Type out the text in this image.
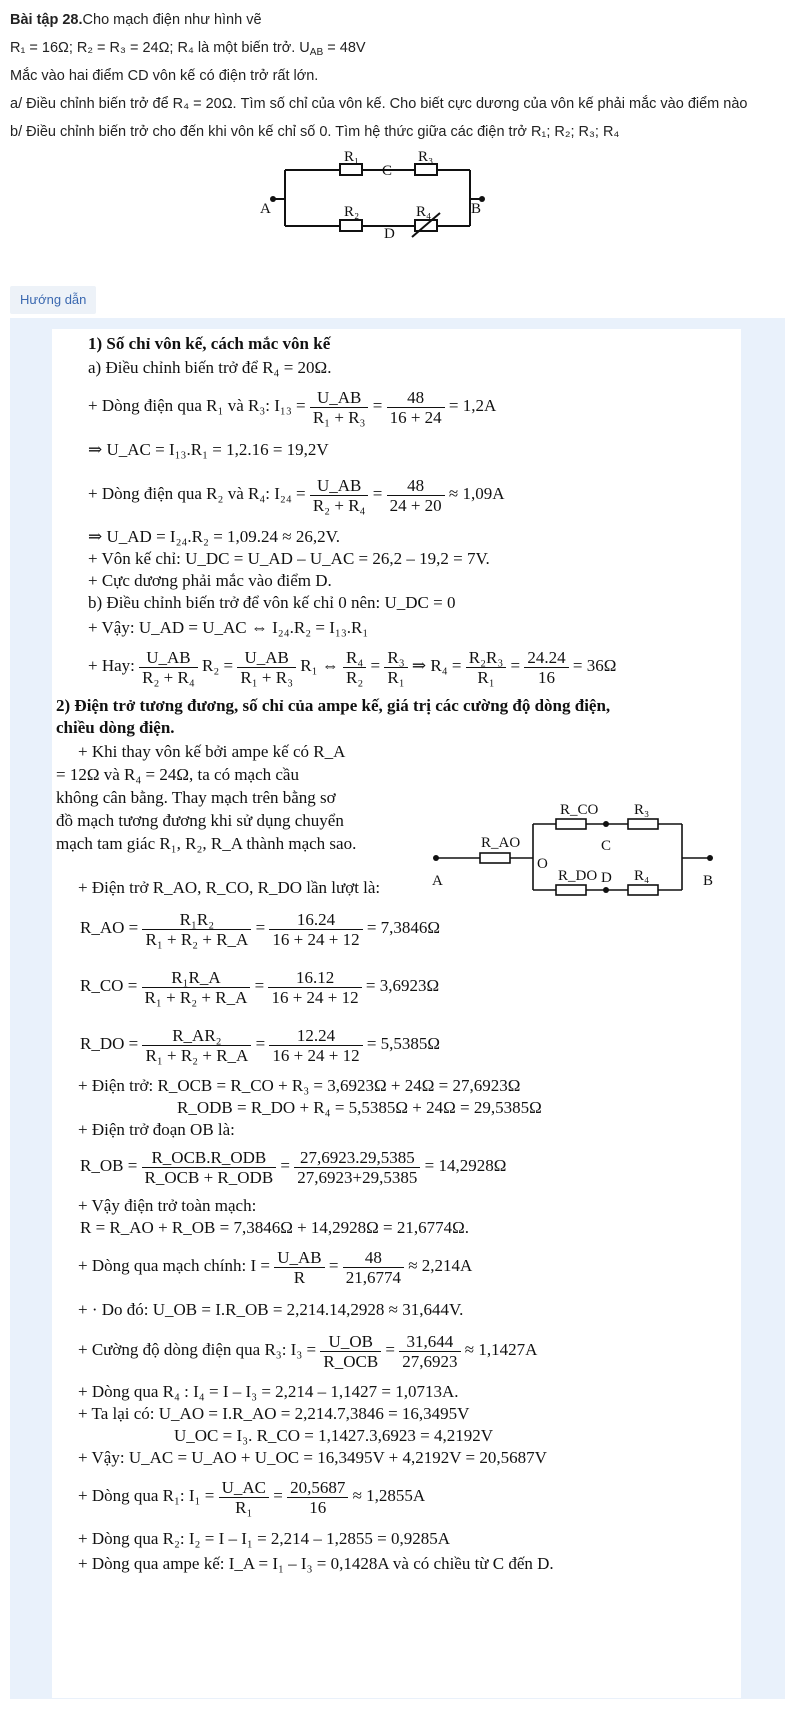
Bài tập 28.Cho mạch điện như hình vẽ
R₁ = 16Ω; R₂ = R₃ = 24Ω; R₄ là một biến trở. $U_{AB} = 48V$
Mắc vào hai điểm CD vôn kế có điện trở rất lớn.
a/ Điều chỉnh biến trở để R₄ = 20Ω. Tìm số chỉ của vôn kế. Cho biết cực dương của vôn kế phải mắc vào điểm nào
b/ Điều chỉnh biến trở cho đến khi vôn kế chỉ số 0. Tìm hệ thức giữa các điện trở R₁; R₂; R₃; R₄
R₁	R₃
C
R₂	R₄
D
A	B
Hướng dẫn
1) Số chỉ vôn kế, cách mắc vôn kế
a) Điều chỉnh biến trở để R₄ = 20Ω.
+ Dòng điện qua R₁ và R₃: $I_{13} = \frac{U\_AB}{\text{R₁ + R₃}} = \frac{48}{16 + 24} = 1,2A$
⇒ U_AC = I₁₃.R₁ = 1,2.16 = 19,2V
+ Dòng điện qua R₂ và R₄: $I_{24} = \frac{U\_AB}{\text{R₂ + R₄}} = \frac{48}{24 + 20} \approx 1,09A$
⇒ U_AD = I₂₄.R₂ = 1,09.24 ≈ 26,2V.
+ Vôn kế chỉ: U_DC = U_AD – U_AC = 26,2 – 19,2 = 7V.
+ Cực dương phải mắc vào điểm D.
b) Điều chỉnh biến trở để vôn kế chỉ 0 nên: U_DC = 0
+ Vậy: U_AD = U_AC ⇔ I₂₄.R₂ = I₁₃.R₁
+ Hay: $\frac{U\_AB}{\text{R₂ + R₄}} R_2 = \frac{U\_AB}{\text{R₁ + R₃}} R_1$ ⇔ $\frac{\text{R₄}}{\text{R₂}} = \frac{\text{R₃}}{\text{R₁}}$ ⇒ $R_4 = \frac{\text{R₂R₃}}{\text{R₁}} = \frac{24.24}{16} = 36\Omega$
2) Điện trở tương đương, số chỉ của ampe kế, giá trị các cường độ dòng điện,
chiều dòng điện.
+ Khi thay vôn kế bởi ampe kế có R_A
= 12Ω và R₄ = 24Ω, ta có mạch cầu
không cân bằng. Thay mạch trên bằng sơ
đồ mạch tương đương khi sử dụng chuyển
mạch tam giác R₁, R₂, R_A thành mạch sao.
+ Điện trở R_AO, R_CO, R_DO lần lượt là:
R_AO = $\frac{\text{R₁R₂}}{\text{R₁ + R₂ + R\_A}} = \frac{16.24}{16 + 24 + 12} = 7,3846\Omega$
R_CO = $\frac{\text{R₁R\_A}}{\text{R₁ + R₂ + R\_A}} = \frac{16.12}{16 + 24 + 12} = 3,6923\Omega$
R_DO = $\frac{\text{R\_AR₂}}{\text{R₁ + R₂ + R\_A}} = \frac{12.24}{16 + 24 + 12} = 5,5385\Omega$
+ Điện trở: R_OCB = R_CO + R₃ = 3,6923Ω + 24Ω = 27,6923Ω
R_ODB = R_DO + R₄ = 5,5385Ω + 24Ω = 29,5385Ω
+ Điện trở đoạn OB là:
R_OB = $\frac{\text{R\_OCB.R\_ODB}}{\text{R\_OCB + R\_ODB}} = \frac{27,6923.29,5385}{27,6923+29,5385} = 14,2928\Omega$
+ Vậy điện trở toàn mạch:
R = R_AO + R_OB = 7,3846Ω + 14,2928Ω = 21,6774Ω.
+ Dòng qua mạch chính: $I = \frac{U\_AB}{R} = \frac{48}{21,6774} \approx 2,214A$
+ · Do đó: U_OB = I.R_OB = 2,214.14,2928 ≈ 31,644V.
+ Cường độ dòng điện qua R₃: $I_3 = \frac{U\_OB}{\text{R\_OCB}} = \frac{31,644}{27,6923} \approx 1,1427A$
+ Dòng qua R₄ : I₄ = I – I₃ = 2,214 – 1,1427 = 1,0713A.
+ Ta lại có: U_AO = I.R_AO = 2,214.7,3846 = 16,3495V
U_OC = I₃. R_CO = 1,1427.3,6923 = 4,2192V
+ Vậy: U_AC = U_AO + U_OC = 16,3495V + 4,2192V = 20,5687V
+ Dòng qua R₁: $I_1 = \frac{U\_AC}{\text{R₁}} = \frac{20,5687}{16} \approx 1,2855A$
+ Dòng qua R₂: I₂ = I – I₁ = 2,214 – 1,2855 = 0,9285A
+ Dòng qua ampe kế: I_A = I₁ – I₃ = 0,1428A và có chiều từ C đến D.
R_CO R₃
R_AO	C
O
R_DO D R₄
A	B
